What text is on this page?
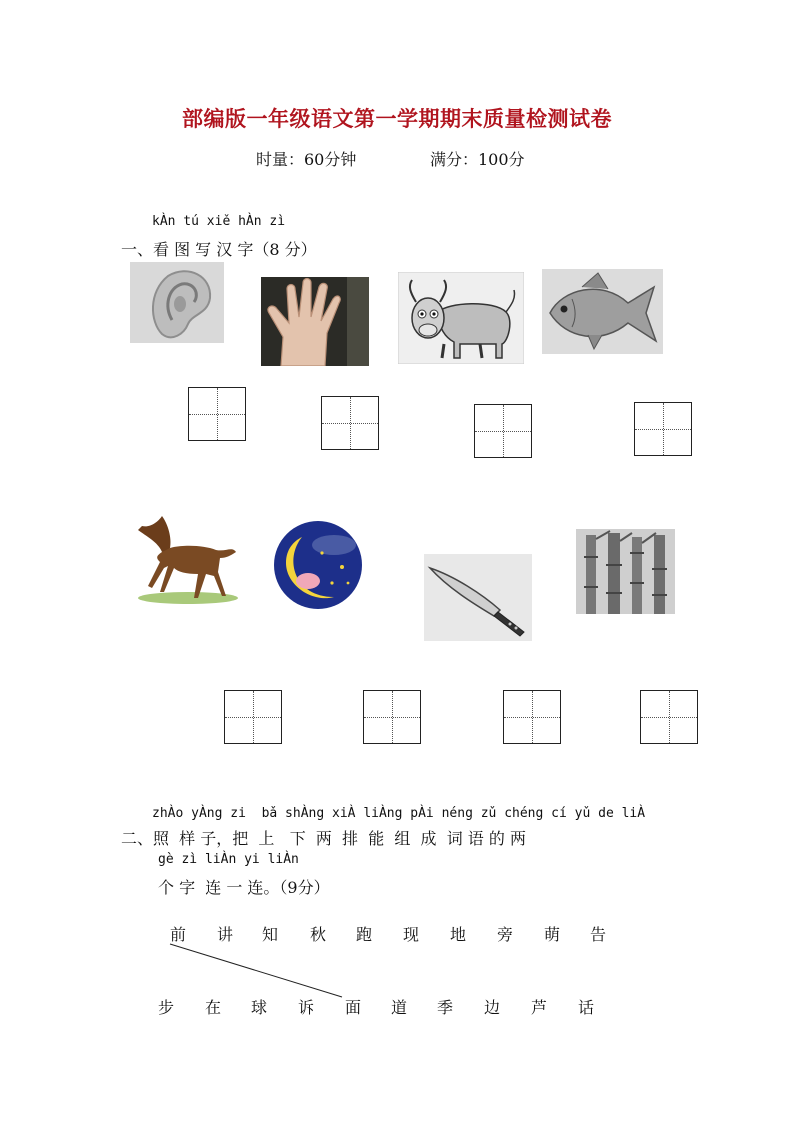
部编版一年级语文第一学期期末质量检测试卷
时量：60分钟	满分：100分
kÀn tú xiě hÀn zì
一、看 图 写 汉 字（8 分）
zhÀo yÀng zi  bǎ shÀng xiÀ liÀng pÀi néng zǔ chéng cí yǔ de liÀ
二、照  样 子，把  上   下  两  排  能  组  成  词 语 的 两
gè zì liÀn yi liÀn
个 字  连 一 连。（9分）
前 讲 知 秋 跑 现 地 旁 萌 告
步 在 球 诉 面 道 季 边 芦 话
